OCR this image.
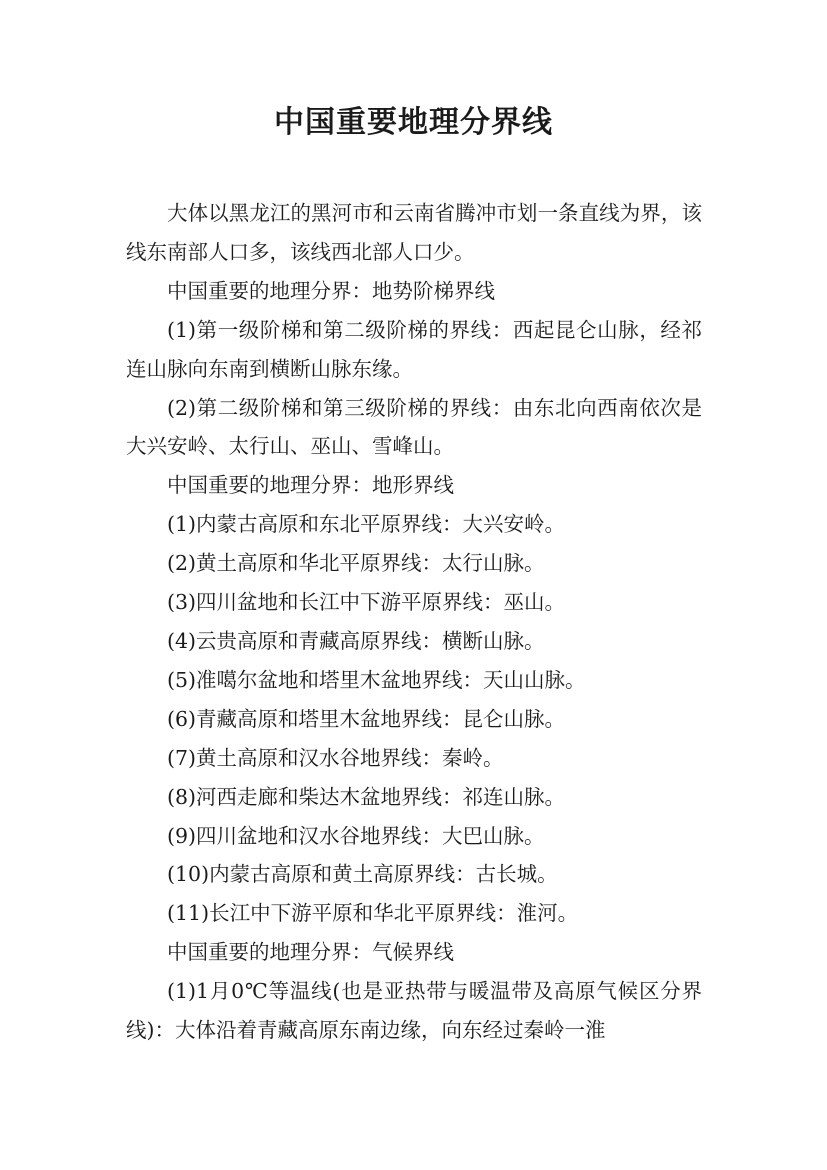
中国重要地理分界线

大体以黑龙江的黑河市和云南省腾冲市划一条直线为界，该线东南部人口多，该线西北部人口少。

中国重要的地理分界：地势阶梯界线

(1)第一级阶梯和第二级阶梯的界线：西起昆仑山脉，经祁连山脉向东南到横断山脉东缘。

(2)第二级阶梯和第三级阶梯的界线：由东北向西南依次是大兴安岭、太行山、巫山、雪峰山。

中国重要的地理分界：地形界线

(1)内蒙古高原和东北平原界线：大兴安岭。

(2)黄土高原和华北平原界线：太行山脉。

(3)四川盆地和长江中下游平原界线：巫山。

(4)云贵高原和青藏高原界线：横断山脉。

(5)准噶尔盆地和塔里木盆地界线：天山山脉。

(6)青藏高原和塔里木盆地界线：昆仑山脉。

(7)黄土高原和汉水谷地界线：秦岭。

(8)河西走廊和柴达木盆地界线：祁连山脉。

(9)四川盆地和汉水谷地界线：大巴山脉。

(10)内蒙古高原和黄土高原界线：古长城。

(11)长江中下游平原和华北平原界线：淮河。

中国重要的地理分界：气候界线

(1)1月0℃等温线(也是亚热带与暖温带及高原气候区分界线)：大体沿着青藏高原东南边缘，向东经过秦岭一淮
